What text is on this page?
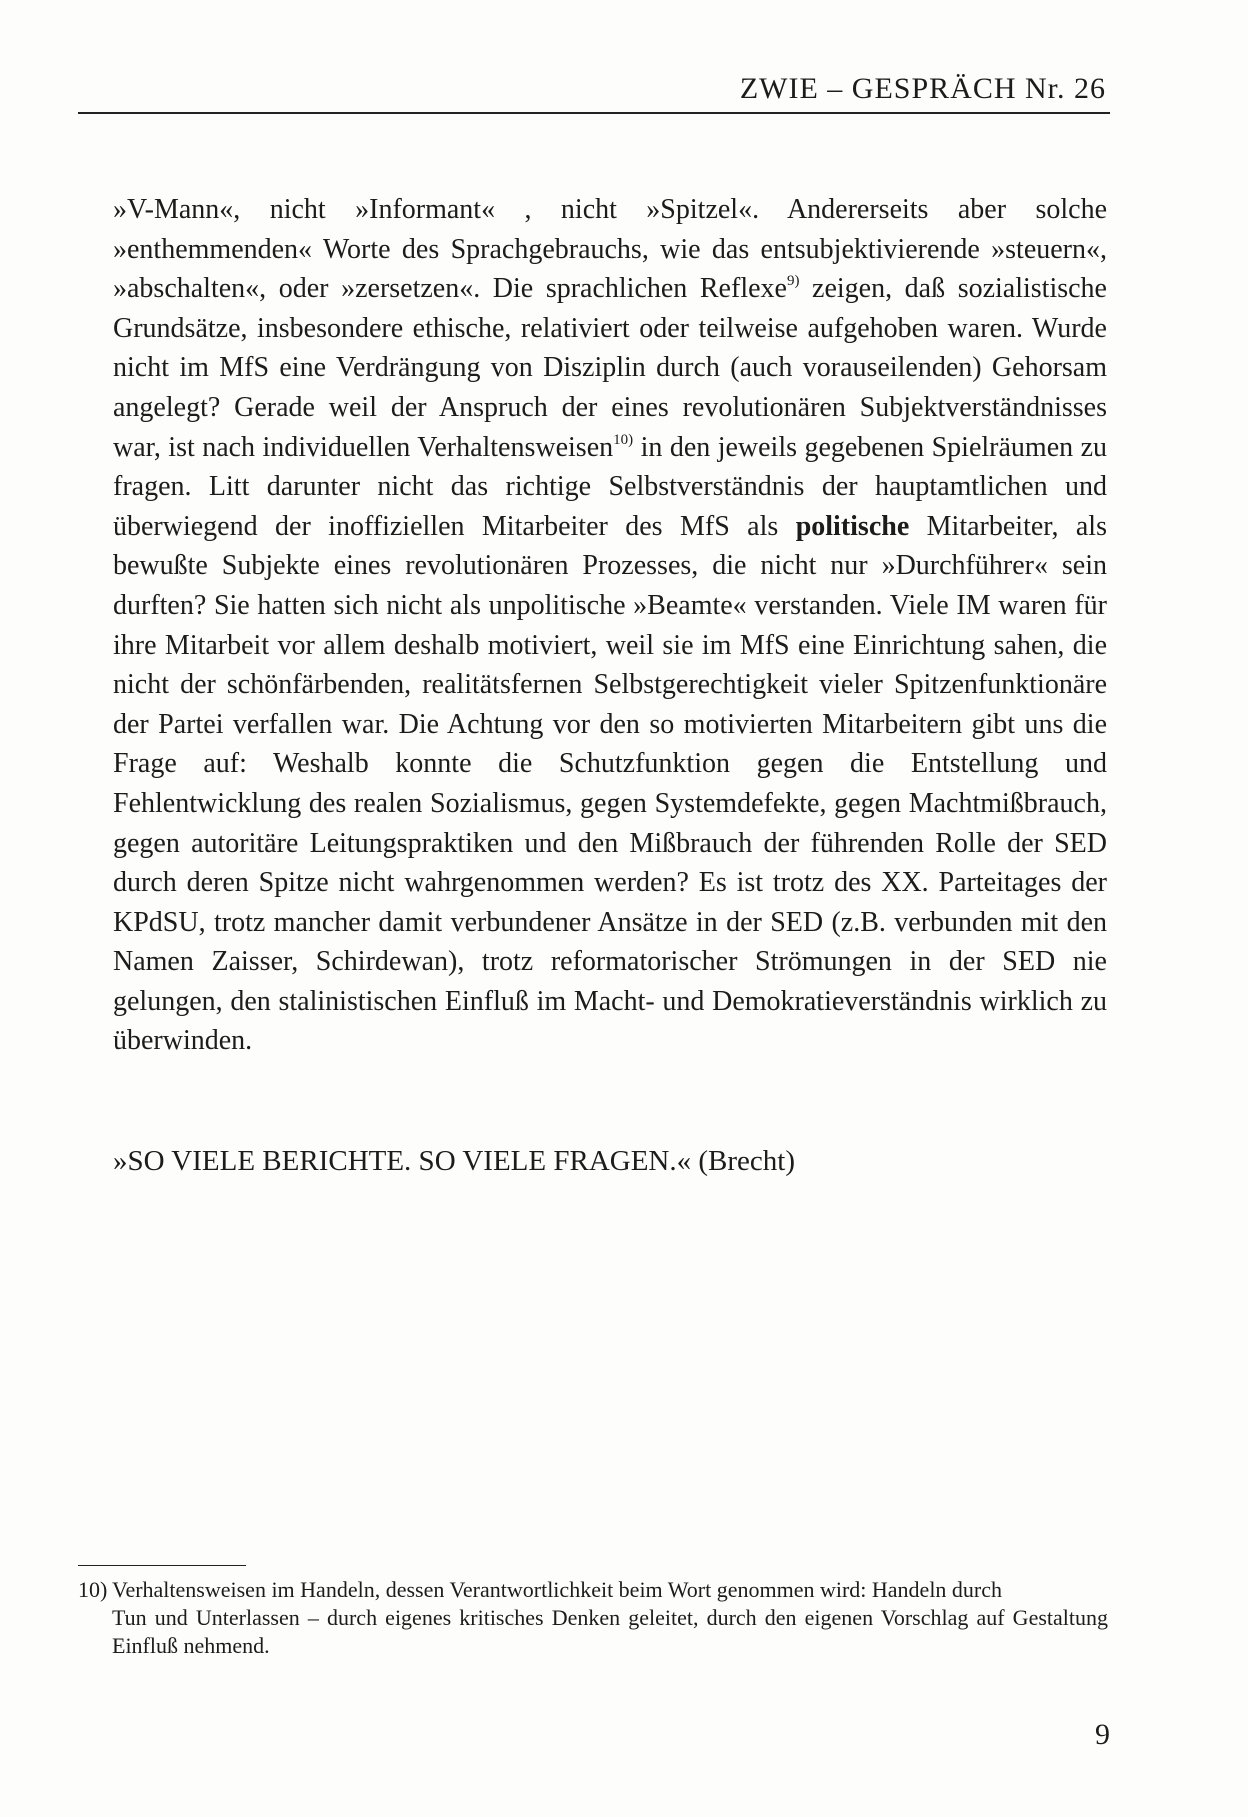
ZWIE – GESPRÄCH Nr. 26

»V-Mann«, nicht »Informant« , nicht »Spitzel«. Andererseits aber solche »enthemmenden« Worte des Sprachgebrauchs, wie das entsubjektivierende »steuern«, »abschalten«, oder »zersetzen«. Die sprachlichen Reflexe$^{9)}$ zeigen, daß sozialistische Grundsätze, insbesondere ethische, relativiert oder teilweise aufgehoben waren. Wurde nicht im MfS eine Verdrängung von Disziplin durch (auch vorauseilenden) Gehorsam angelegt? Gerade weil der Anspruch der eines revolutionären Subjektverständnisses war, ist nach individuellen Verhaltensweisen$^{10)}$ in den jeweils gegebenen Spielräumen zu fragen. Litt darunter nicht das richtige Selbstverständnis der hauptamtlichen und überwiegend der inoffiziellen Mitarbeiter des MfS als politische Mitarbeiter, als bewußte Subjekte eines revolutionären Prozesses, die nicht nur »Durchführer« sein durften? Sie hatten sich nicht als unpolitische »Beamte« verstanden. Viele IM waren für ihre Mitarbeit vor allem deshalb motiviert, weil sie im MfS eine Einrichtung sahen, die nicht der schönfärbenden, realitätsfernen Selbstgerechtigkeit vieler Spitzenfunktionäre der Partei verfallen war. Die Achtung vor den so motivierten Mitarbeitern gibt uns die Frage auf: Weshalb konnte die Schutzfunktion gegen die Entstellung und Fehlentwicklung des realen Sozialismus, gegen Systemdefekte, gegen Machtmißbrauch, gegen autoritäre Leitungspraktiken und den Mißbrauch der führenden Rolle der SED durch deren Spitze nicht wahrgenommen werden? Es ist trotz des XX. Parteitages der KPdSU, trotz mancher damit verbundener Ansätze in der SED (z.B. verbunden mit den Namen Zaisser, Schirdewan), trotz reformatorischer Strömungen in der SED nie gelungen, den stalinistischen Einfluß im Macht- und Demokratieverständnis wirklich zu überwinden.

»SO VIELE BERICHTE. SO VIELE FRAGEN.« (Brecht)

10) Verhaltensweisen im Handeln, dessen Verantwortlichkeit beim Wort genommen wird: Handeln durch
Tun und Unterlassen – durch eigenes kritisches Denken geleitet, durch den eigenen Vorschlag auf Gestaltung Einfluß nehmend.

9
